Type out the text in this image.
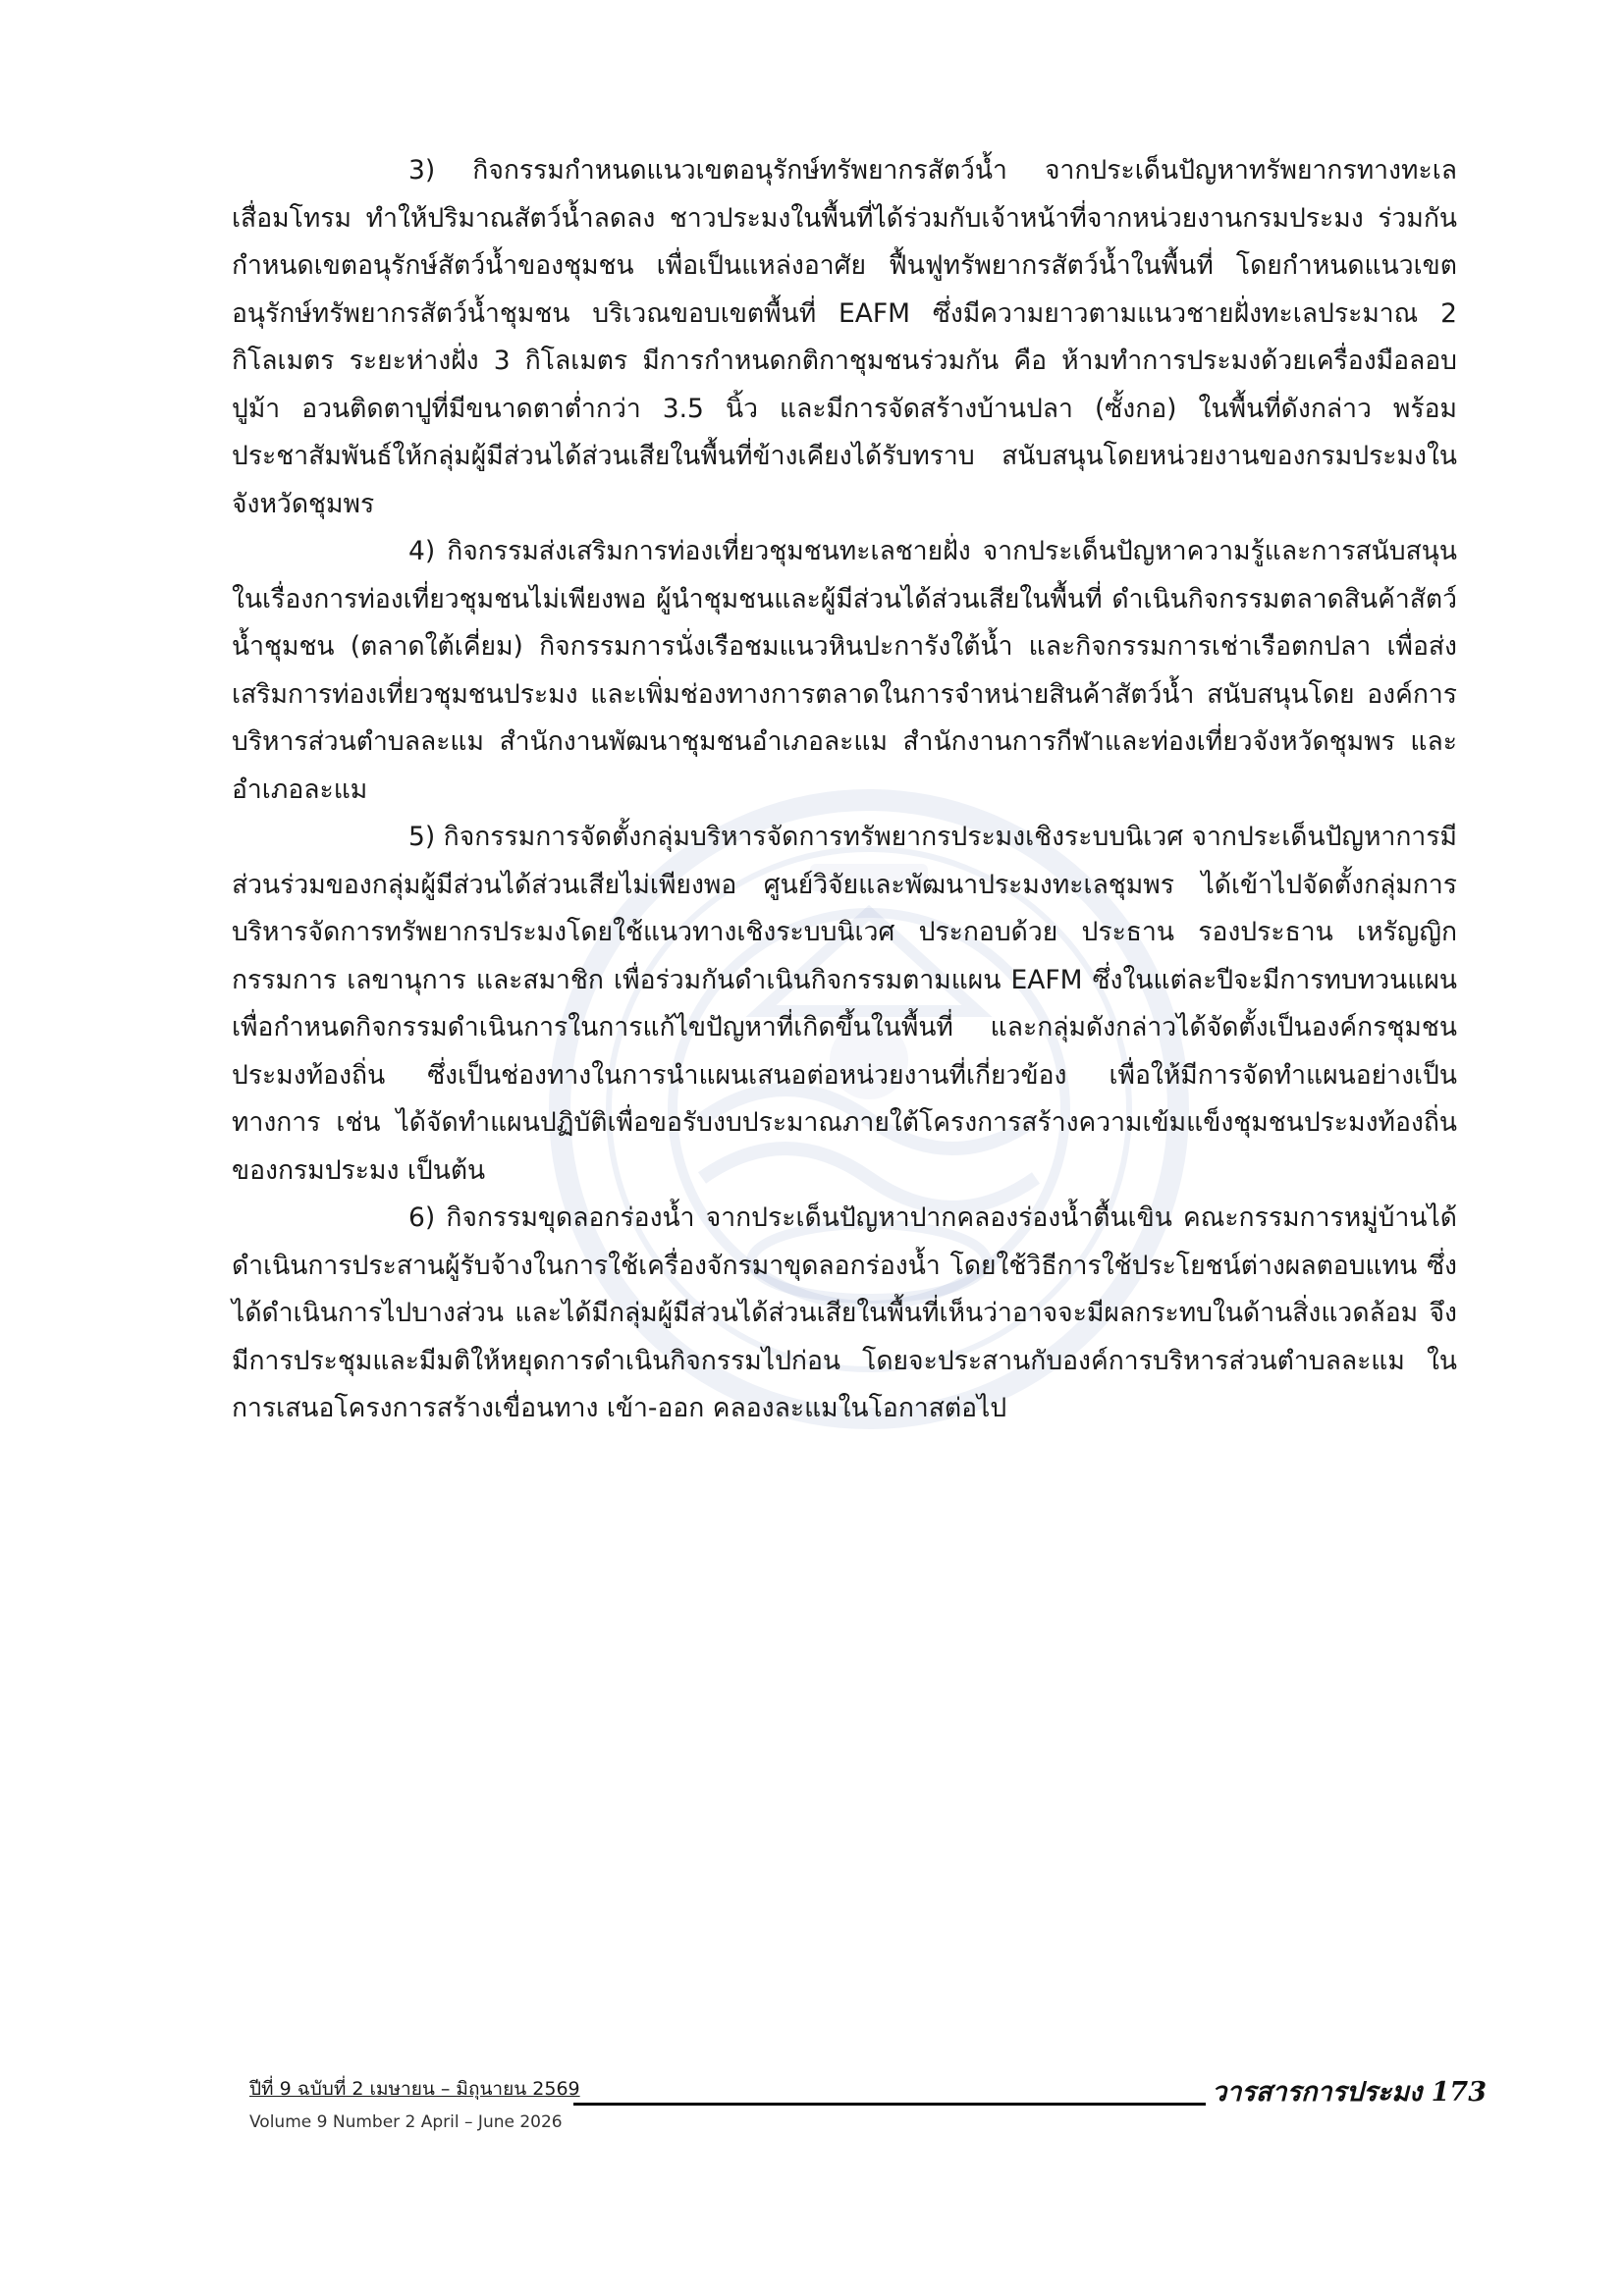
3) กิจกรรมกำหนดแนวเขตอนุรักษ์ทรัพยากรสัตว์น้ำ จากประเด็นปัญหาทรัพยากรทางทะเลเสื่อมโทรม ทำให้ปริมาณสัตว์น้ำลดลง ชาวประมงในพื้นที่ได้ร่วมกับเจ้าหน้าที่จากหน่วยงานกรมประมง ร่วมกันกำหนดเขตอนุรักษ์สัตว์น้ำของชุมชน เพื่อเป็นแหล่งอาศัย ฟื้นฟูทรัพยากรสัตว์น้ำในพื้นที่ โดยกำหนดแนวเขตอนุรักษ์ทรัพยากรสัตว์น้ำชุมชน บริเวณขอบเขตพื้นที่ EAFM ซึ่งมีความยาวตามแนวชายฝั่งทะเลประมาณ 2 กิโลเมตร ระยะห่างฝั่ง 3 กิโลเมตร มีการกำหนดกติกาชุมชนร่วมกัน คือ ห้ามทำการประมงด้วยเครื่องมือลอบปูม้า อวนติดตาปูที่มีขนาดตาต่ำกว่า 3.5 นิ้ว และมีการจัดสร้างบ้านปลา (ซั้งกอ) ในพื้นที่ดังกล่าว พร้อมประชาสัมพันธ์ให้กลุ่มผู้มีส่วนได้ส่วนเสียในพื้นที่ข้างเคียงได้รับทราบ สนับสนุนโดยหน่วยงานของกรมประมงในจังหวัดชุมพร

4) กิจกรรมส่งเสริมการท่องเที่ยวชุมชนทะเลชายฝั่ง จากประเด็นปัญหาความรู้และการสนับสนุนในเรื่องการท่องเที่ยวชุมชนไม่เพียงพอ ผู้นำชุมชนและผู้มีส่วนได้ส่วนเสียในพื้นที่ ดำเนินกิจกรรมตลาดสินค้าสัตว์น้ำชุมชน (ตลาดใต้เคี่ยม) กิจกรรมการนั่งเรือชมแนวหินปะการังใต้น้ำ และกิจกรรมการเช่าเรือตกปลา เพื่อส่งเสริมการท่องเที่ยวชุมชนประมง และเพิ่มช่องทางการตลาดในการจำหน่ายสินค้าสัตว์น้ำ สนับสนุนโดย องค์การบริหารส่วนตำบลละแม สำนักงานพัฒนาชุมชนอำเภอละแม สำนักงานการกีฬาและท่องเที่ยวจังหวัดชุมพร และอำเภอละแม

5) กิจกรรมการจัดตั้งกลุ่มบริหารจัดการทรัพยากรประมงเชิงระบบนิเวศ จากประเด็นปัญหาการมีส่วนร่วมของกลุ่มผู้มีส่วนได้ส่วนเสียไม่เพียงพอ ศูนย์วิจัยและพัฒนาประมงทะเลชุมพร ได้เข้าไปจัดตั้งกลุ่มการบริหารจัดการทรัพยากรประมงโดยใช้แนวทางเชิงระบบนิเวศ ประกอบด้วย ประธาน รองประธาน เหรัญญิก กรรมการ เลขานุการ และสมาชิก เพื่อร่วมกันดำเนินกิจกรรมตามแผน EAFM ซึ่งในแต่ละปีจะมีการทบทวนแผนเพื่อกำหนดกิจกรรมดำเนินการในการแก้ไขปัญหาที่เกิดขึ้นในพื้นที่ และกลุ่มดังกล่าวได้จัดตั้งเป็นองค์กรชุมชนประมงท้องถิ่น ซึ่งเป็นช่องทางในการนำแผนเสนอต่อหน่วยงานที่เกี่ยวข้อง เพื่อให้มีการจัดทำแผนอย่างเป็นทางการ เช่น ได้จัดทำแผนปฏิบัติเพื่อขอรับงบประมาณภายใต้โครงการสร้างความเข้มแข็งชุมชนประมงท้องถิ่นของกรมประมง เป็นต้น

6) กิจกรรมขุดลอกร่องน้ำ จากประเด็นปัญหาปากคลองร่องน้ำตื้นเขิน คณะกรรมการหมู่บ้านได้ดำเนินการประสานผู้รับจ้างในการใช้เครื่องจักรมาขุดลอกร่องน้ำ โดยใช้วิธีการใช้ประโยชน์ต่างผลตอบแทน ซึ่งได้ดำเนินการไปบางส่วน และได้มีกลุ่มผู้มีส่วนได้ส่วนเสียในพื้นที่เห็นว่าอาจจะมีผลกระทบในด้านสิ่งแวดล้อม จึงมีการประชุมและมีมติให้หยุดการดำเนินกิจกรรมไปก่อน โดยจะประสานกับองค์การบริหารส่วนตำบลละแม ในการเสนอโครงการสร้างเขื่อนทาง เข้า-ออก คลองละแมในโอกาสต่อไป

ปีที่ 9 ฉบับที่ 2 เมษายน – มิถุนายน 2569
Volume 9 Number 2 April – June 2026
วารสารการประมง 173
